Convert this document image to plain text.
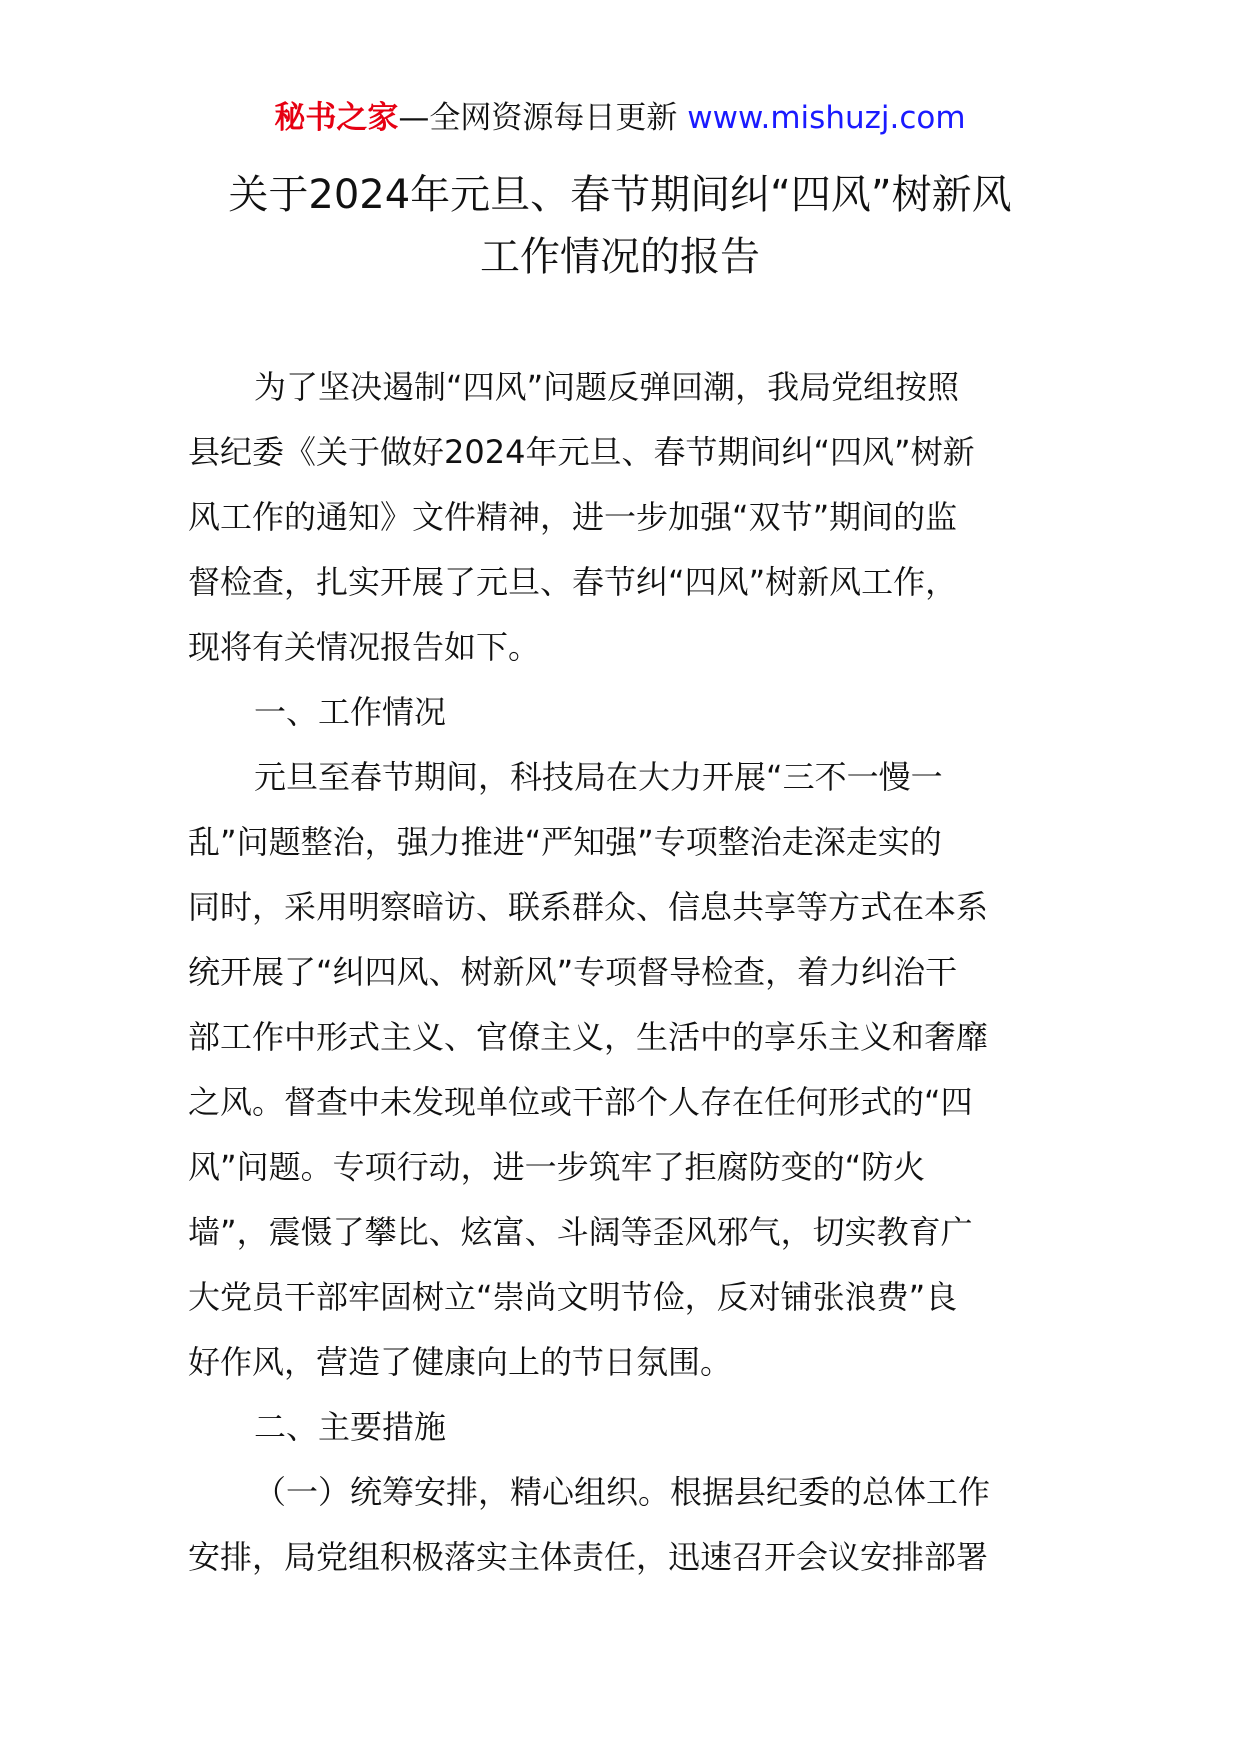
秘书之家—全网资源每日更新 www.mishuzj.com
关于2024年元旦、春节期间纠“四风”树新风
工作情况的报告

为了坚决遏制“四风”问题反弹回潮，我局党组按照

县纪委《关于做好2024年元旦、春节期间纠“四风”树新

风工作的通知》文件精神，进一步加强“双节”期间的监

督检查，扎实开展了元旦、春节纠“四风”树新风工作，

现将有关情况报告如下。

一、工作情况

元旦至春节期间，科技局在大力开展“三不一慢一

乱”问题整治，强力推进“严知强”专项整治走深走实的

同时，采用明察暗访、联系群众、信息共享等方式在本系

统开展了“纠四风、树新风”专项督导检查，着力纠治干

部工作中形式主义、官僚主义，生活中的享乐主义和奢靡

之风。督查中未发现单位或干部个人存在任何形式的“四

风”问题。专项行动，进一步筑牢了拒腐防变的“防火

墙”，震慑了攀比、炫富、斗阔等歪风邪气，切实教育广

大党员干部牢固树立“崇尚文明节俭，反对铺张浪费”良

好作风，营造了健康向上的节日氛围。

二、主要措施

（一）统筹安排，精心组织。根据县纪委的总体工作

安排，局党组积极落实主体责任，迅速召开会议安排部署
